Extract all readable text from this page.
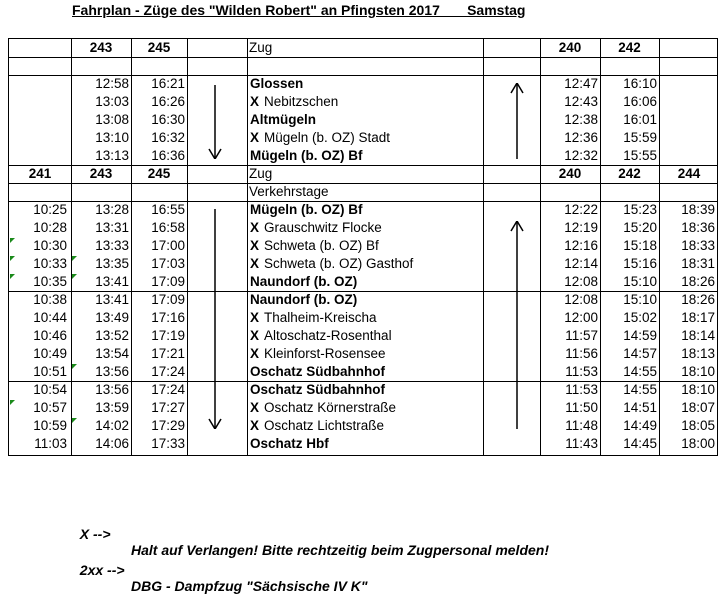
Fahrplan - Züge des "Wilden Robert" an Pfingsten 2017       Samstag
243	245	Zug	240	242
12:58	16:21	Glossen	12:47	16:10
13:03	16:26	X Nebitzschen	12:43	16:06
13:08	16:30	Altmügeln	12:38	16:01
13:10	16:32	X Mügeln (b. OZ) Stadt	12:36	15:59
13:13	16:36	Mügeln (b. OZ) Bf	12:32	15:55
241	243	245	Zug	240	242	244
Verkehrstage
10:25	13:28	16:55	Mügeln (b. OZ) Bf	12:22	15:23	18:39
10:28	13:31	16:58	X Grauschwitz Flocke	12:19	15:20	18:36
10:30	13:33	17:00	X Schweta (b. OZ) Bf	12:16	15:18	18:33
10:33	13:35	17:03	X Schweta (b. OZ) Gasthof	12:14	15:16	18:31
10:35	13:41	17:09	Naundorf (b. OZ)	12:08	15:10	18:26
10:38	13:41	17:09	Naundorf (b. OZ)	12:08	15:10	18:26
10:44	13:49	17:16	X Thalheim-Kreischa	12:00	15:02	18:17
10:46	13:52	17:19	X Altoschatz-Rosenthal	11:57	14:59	18:14
10:49	13:54	17:21	X Kleinforst-Rosensee	11:56	14:57	18:13
10:51	13:56	17:24	Oschatz Südbahnhof	11:53	14:55	18:10
10:54	13:56	17:24	Oschatz Südbahnhof	11:53	14:55	18:10
10:57	13:59	17:27	X Oschatz Körnerstraße	11:50	14:51	18:07
10:59	14:02	17:29	X Oschatz Lichtstraße	11:48	14:49	18:05
11:03	14:06	17:33	Oschatz Hbf	11:43	14:45	18:00

X -->

Halt auf Verlangen! Bitte rechtzeitig beim Zugpersonal melden!

2xx -->

DBG - Dampfzug "Sächsische IV K"
